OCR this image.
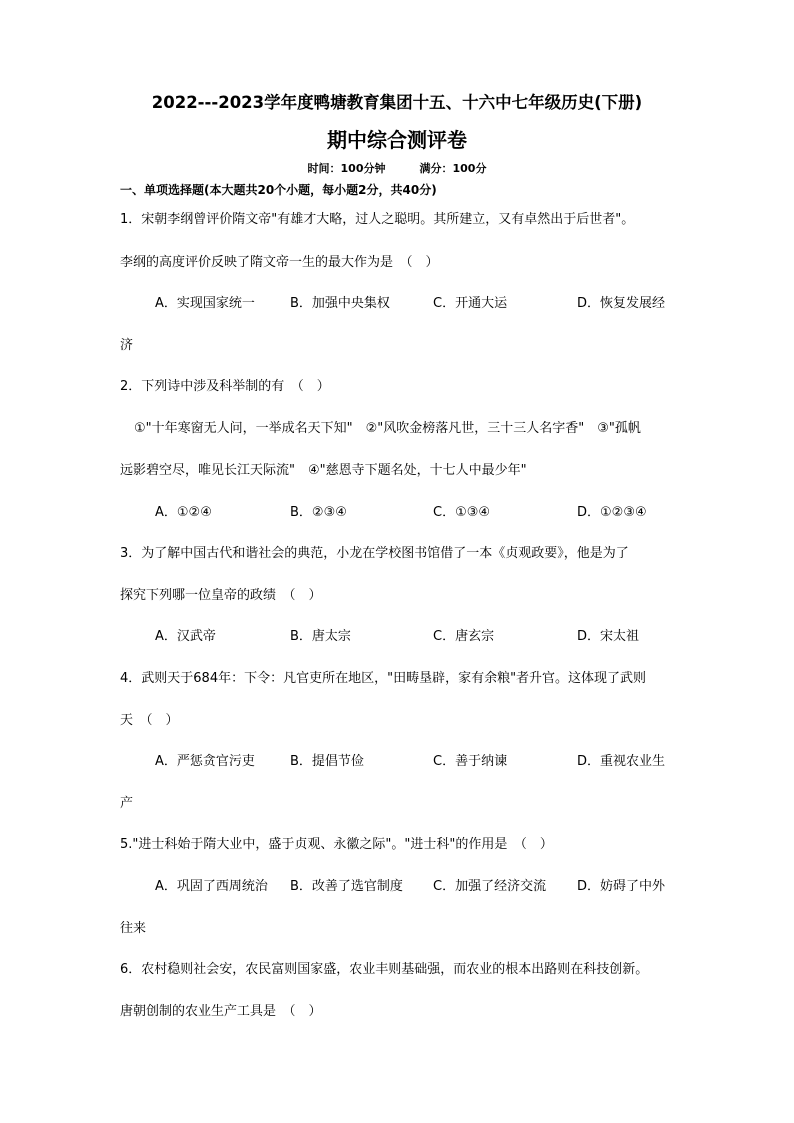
2022---2023学年度鸭塘教育集团十五、十六中七年级历史(下册)
期中综合测评卷
时间：100分钟	满分：100分
一、单项选择题(本大题共20个小题，每小题2分，共40分)
1．宋朝李纲曾评价隋文帝"有雄才大略，过人之聪明。其所建立，又有卓然出于后世者"。
李纲的高度评价反映了隋文帝一生的最大作为是　（　）
A．实现国家统一	B．加强中央集权	C．开通大运	D．恢复发展经
济
2．下列诗中涉及科举制的有　（　）
①"十年寒窗无人问，一举成名天下知"　②"风吹金榜落凡世，三十三人名字香"　③"孤帆
远影碧空尽，唯见长江天际流"　④"慈恩寺下题名处，十七人中最少年"
A．①②④	B．②③④	C．①③④	D．①②③④
3．为了解中国古代和谐社会的典范，小龙在学校图书馆借了一本《贞观政要》，他是为了
探究下列哪一位皇帝的政绩　（　）
A．汉武帝	B．唐太宗	C．唐玄宗	D．宋太祖
4．武则天于684年：下令：凡官吏所在地区，"田畴垦辟，家有余粮"者升官。这体现了武则
天　（　）
A．严惩贪官污吏	B．提倡节俭	C．善于纳谏	D．重视农业生
产
5."进士科始于隋大业中，盛于贞观、永徽之际"。"进士科"的作用是　（　）
A．巩固了西周统治 B．改善了选官制度 C．加强了经济交流 D．妨碍了中外
往来
6．农村稳则社会安，农民富则国家盛，农业丰则基础强，而农业的根本出路则在科技创新。
唐朝创制的农业生产工具是　（　）
